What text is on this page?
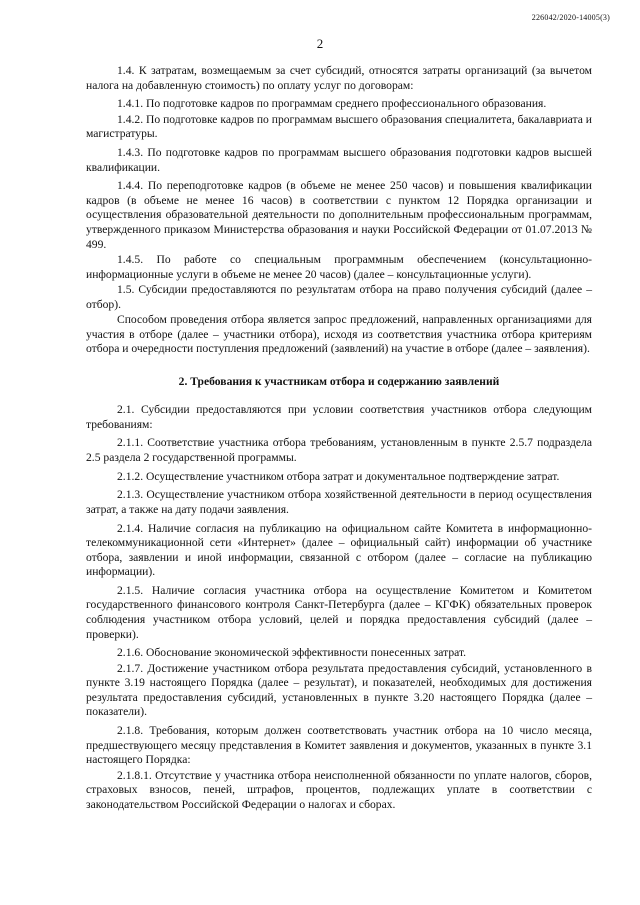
226042/2020-14005(3)
2

1.4. К затратам, возмещаемым за счет субсидий, относятся затраты организаций (за вычетом налога на добавленную стоимость) по оплату услуг по договорам:

1.4.1. По подготовке кадров по программам среднего профессионального образования.

1.4.2. По подготовке кадров по программам высшего образования специалитета, бакалавриата и магистратуры.

1.4.3. По подготовке кадров по программам высшего образования подготовки кадров высшей квалификации.

1.4.4. По переподготовке кадров (в объеме не менее 250 часов) и повышения квалификации кадров (в объеме не менее 16 часов) в соответствии с пунктом 12 Порядка организации и осуществления образовательной деятельности по дополнительным профессиональным программам, утвержденного приказом Министерства образования и науки Российской Федерации от 01.07.2013 № 499.

1.4.5. По работе со специальным программным обеспечением (консультационно-информационные услуги в объеме не менее 20 часов) (далее – консультационные услуги).

1.5. Субсидии предоставляются по результатам отбора на право получения субсидий (далее – отбор).

Способом проведения отбора является запрос предложений, направленных организациями для участия в отборе (далее – участники отбора), исходя из соответствия участника отбора критериям отбора и очередности поступления предложений (заявлений) на участие в отборе (далее – заявления).

2. Требования к участникам отбора и содержанию заявлений

2.1. Субсидии предоставляются при условии соответствия участников отбора следующим требованиям:

2.1.1. Соответствие участника отбора требованиям, установленным в пункте 2.5.7 подраздела 2.5 раздела 2 государственной программы.

2.1.2. Осуществление участником отбора затрат и документальное подтверждение затрат.

2.1.3. Осуществление участником отбора хозяйственной деятельности в период осуществления затрат, а также на дату подачи заявления.

2.1.4. Наличие согласия на публикацию на официальном сайте Комитета в информационно-телекоммуникационной сети «Интернет» (далее – официальный сайт) информации об участнике отбора, заявлении и иной информации, связанной с отбором (далее – согласие на публикацию информации).

2.1.5. Наличие согласия участника отбора на осуществление Комитетом и Комитетом государственного финансового контроля Санкт-Петербурга (далее – КГФК) обязательных проверок соблюдения участником отбора условий, целей и порядка предоставления субсидий (далее – проверки).

2.1.6. Обоснование экономической эффективности понесенных затрат.

2.1.7. Достижение участником отбора результата предоставления субсидий, установленного в пункте 3.19 настоящего Порядка (далее – результат), и показателей, необходимых для достижения результата предоставления субсидий, установленных в пункте 3.20 настоящего Порядка (далее – показатели).

2.1.8. Требования, которым должен соответствовать участник отбора на 10 число месяца, предшествующего месяцу представления в Комитет заявления и документов, указанных в пункте 3.1 настоящего Порядка:

2.1.8.1. Отсутствие у участника отбора неисполненной обязанности по уплате налогов, сборов, страховых взносов, пеней, штрафов, процентов, подлежащих уплате в соответствии с законодательством Российской Федерации о налогах и сборах.
